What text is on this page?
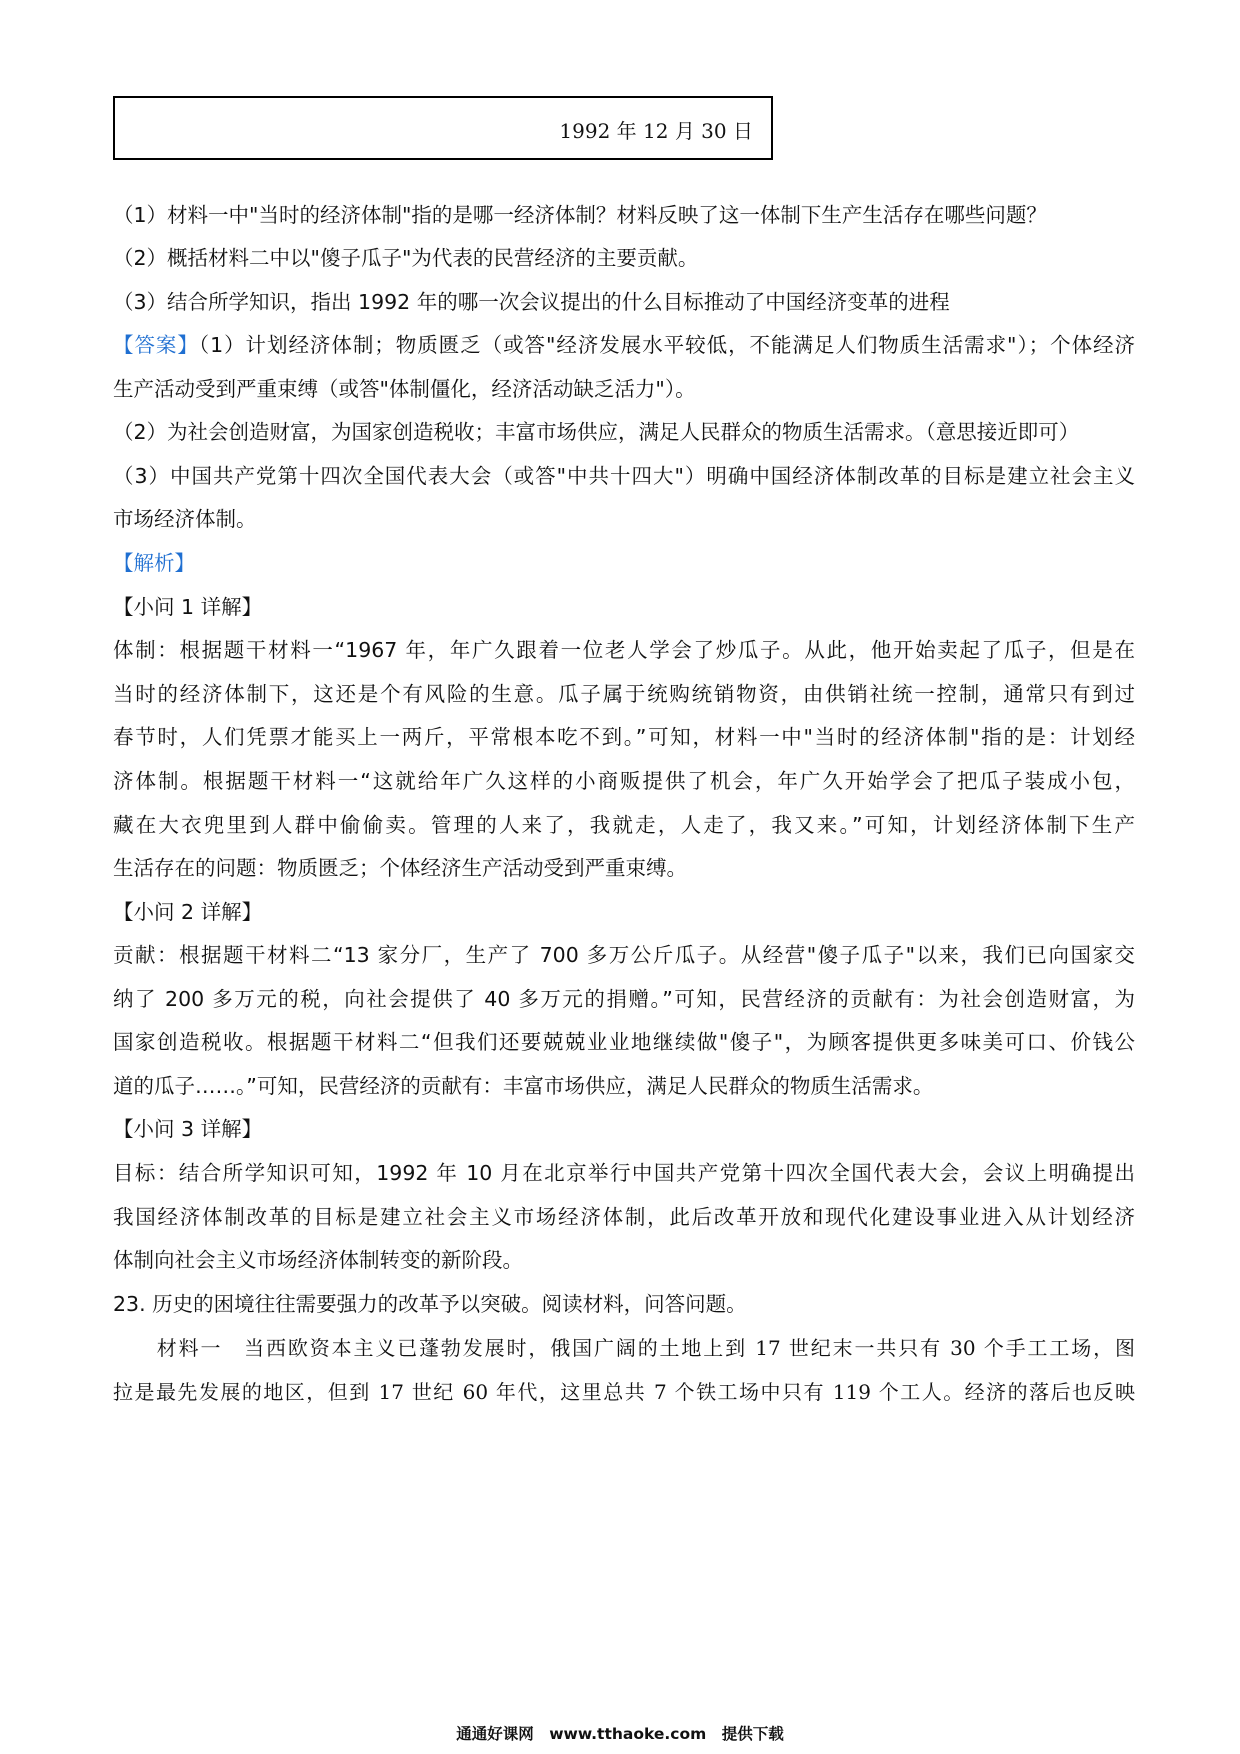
1992 年 12 月 30 日
（1）材料一中"当时的经济体制"指的是哪一经济体制？材料反映了这一体制下生产生活存在哪些问题？
（2）概括材料二中以"傻子瓜子"为代表的民营经济的主要贡献。
（3）结合所学知识，指出 1992 年的哪一次会议提出的什么目标推动了中国经济变革的进程
【答案】（1）计划经济体制；物质匮乏（或答"经济发展水平较低，不能满足人们物质生活需求"）；个体经济
生产活动受到严重束缚（或答"体制僵化，经济活动缺乏活力"）。
（2）为社会创造财富，为国家创造税收；丰富市场供应，满足人民群众的物质生活需求。（意思接近即可）
（3）中国共产党第十四次全国代表大会（或答"中共十四大"）明确中国经济体制改革的目标是建立社会主义
市场经济体制。
【解析】
【小问 1 详解】
体制：根据题干材料一“1967 年，年广久跟着一位老人学会了炒瓜子。从此，他开始卖起了瓜子，但是在
当时的经济体制下，这还是个有风险的生意。瓜子属于统购统销物资，由供销社统一控制，通常只有到过
春节时，人们凭票才能买上一两斤，平常根本吃不到。”可知，材料一中"当时的经济体制"指的是：计划经
济体制。根据题干材料一“这就给年广久这样的小商贩提供了机会，年广久开始学会了把瓜子装成小包，
藏在大衣兜里到人群中偷偷卖。管理的人来了，我就走，人走了，我又来。”可知，计划经济体制下生产
生活存在的问题：物质匮乏；个体经济生产活动受到严重束缚。
【小问 2 详解】
贡献：根据题干材料二“13 家分厂，生产了 700 多万公斤瓜子。从经营"傻子瓜子"以来，我们已向国家交
纳了 200 多万元的税，向社会提供了 40 多万元的捐赠。”可知，民营经济的贡献有：为社会创造财富，为
国家创造税收。根据题干材料二“但我们还要兢兢业业地继续做"傻子"，为顾客提供更多味美可口、价钱公
道的瓜子……。”可知，民营经济的贡献有：丰富市场供应，满足人民群众的物质生活需求。
【小问 3 详解】
目标：结合所学知识可知，1992 年 10 月在北京举行中国共产党第十四次全国代表大会，会议上明确提出
我国经济体制改革的目标是建立社会主义市场经济体制，此后改革开放和现代化建设事业进入从计划经济
体制向社会主义市场经济体制转变的新阶段。
23. 历史的困境往往需要强力的改革予以突破。阅读材料，问答问题。
　　材料一　当西欧资本主义已蓬勃发展时，俄国广阔的土地上到 17 世纪末一共只有 30 个手工工场，图
拉是最先发展的地区，但到 17 世纪 60 年代，这里总共 7 个铁工场中只有 119 个工人。经济的落后也反映
通通好课网　www.tthaoke.com　提供下载
